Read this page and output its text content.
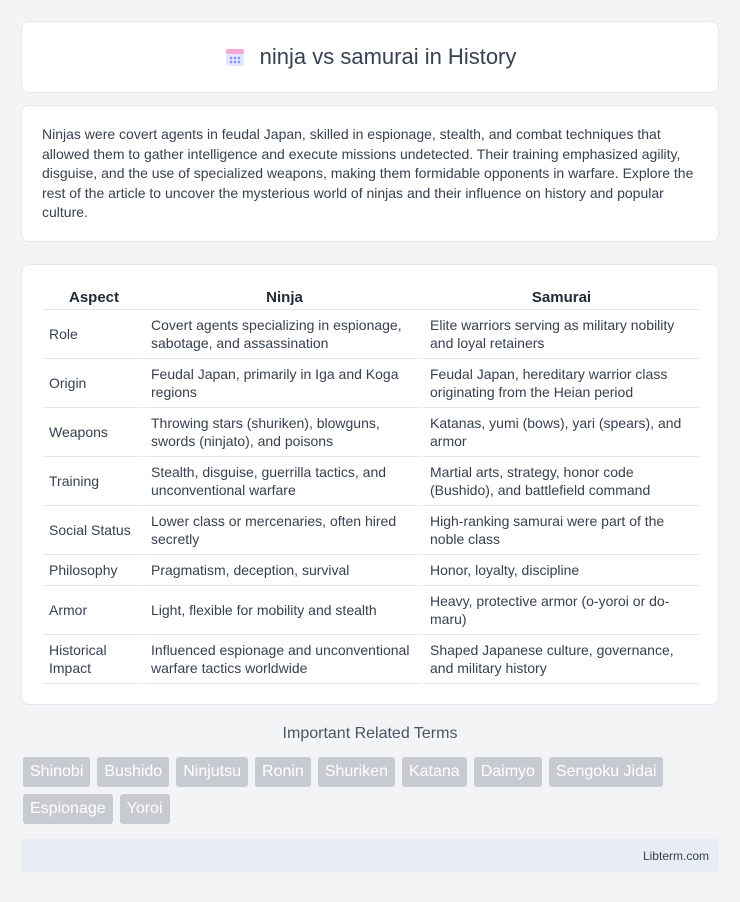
ninja vs samurai in History

Ninjas were covert agents in feudal Japan, skilled in espionage, stealth, and combat techniques that allowed them to gather intelligence and execute missions undetected. Their training emphasized agility, disguise, and the use of specialized weapons, making them formidable opponents in warfare. Explore the rest of the article to uncover the mysterious world of ninjas and their influence on history and popular culture.

Aspect	Ninja	Samurai
Role	Covert agents specializing in espionage, sabotage, and assassination	Elite warriors serving as military nobility and loyal retainers
Origin	Feudal Japan, primarily in Iga and Koga regions	Feudal Japan, hereditary warrior class originating from the Heian period
Weapons	Throwing stars (shuriken), blowguns, swords (ninjato), and poisons	Katanas, yumi (bows), yari (spears), and armor
Training	Stealth, disguise, guerrilla tactics, and unconventional warfare	Martial arts, strategy, honor code (Bushido), and battlefield command
Social Status	Lower class or mercenaries, often hired secretly	High-ranking samurai were part of the noble class
Philosophy	Pragmatism, deception, survival	Honor, loyalty, discipline
Armor	Light, flexible for mobility and stealth	Heavy, protective armor (o-yoroi or do-maru)
Historical Impact	Influenced espionage and unconventional warfare tactics worldwide	Shaped Japanese culture, governance, and military history
Important Related Terms
Shinobi	Bushido	Ninjutsu	Ronin	Shuriken	Katana	Daimyo	Sengoku Jidai
Espionage	Yoroi
Libterm.com
